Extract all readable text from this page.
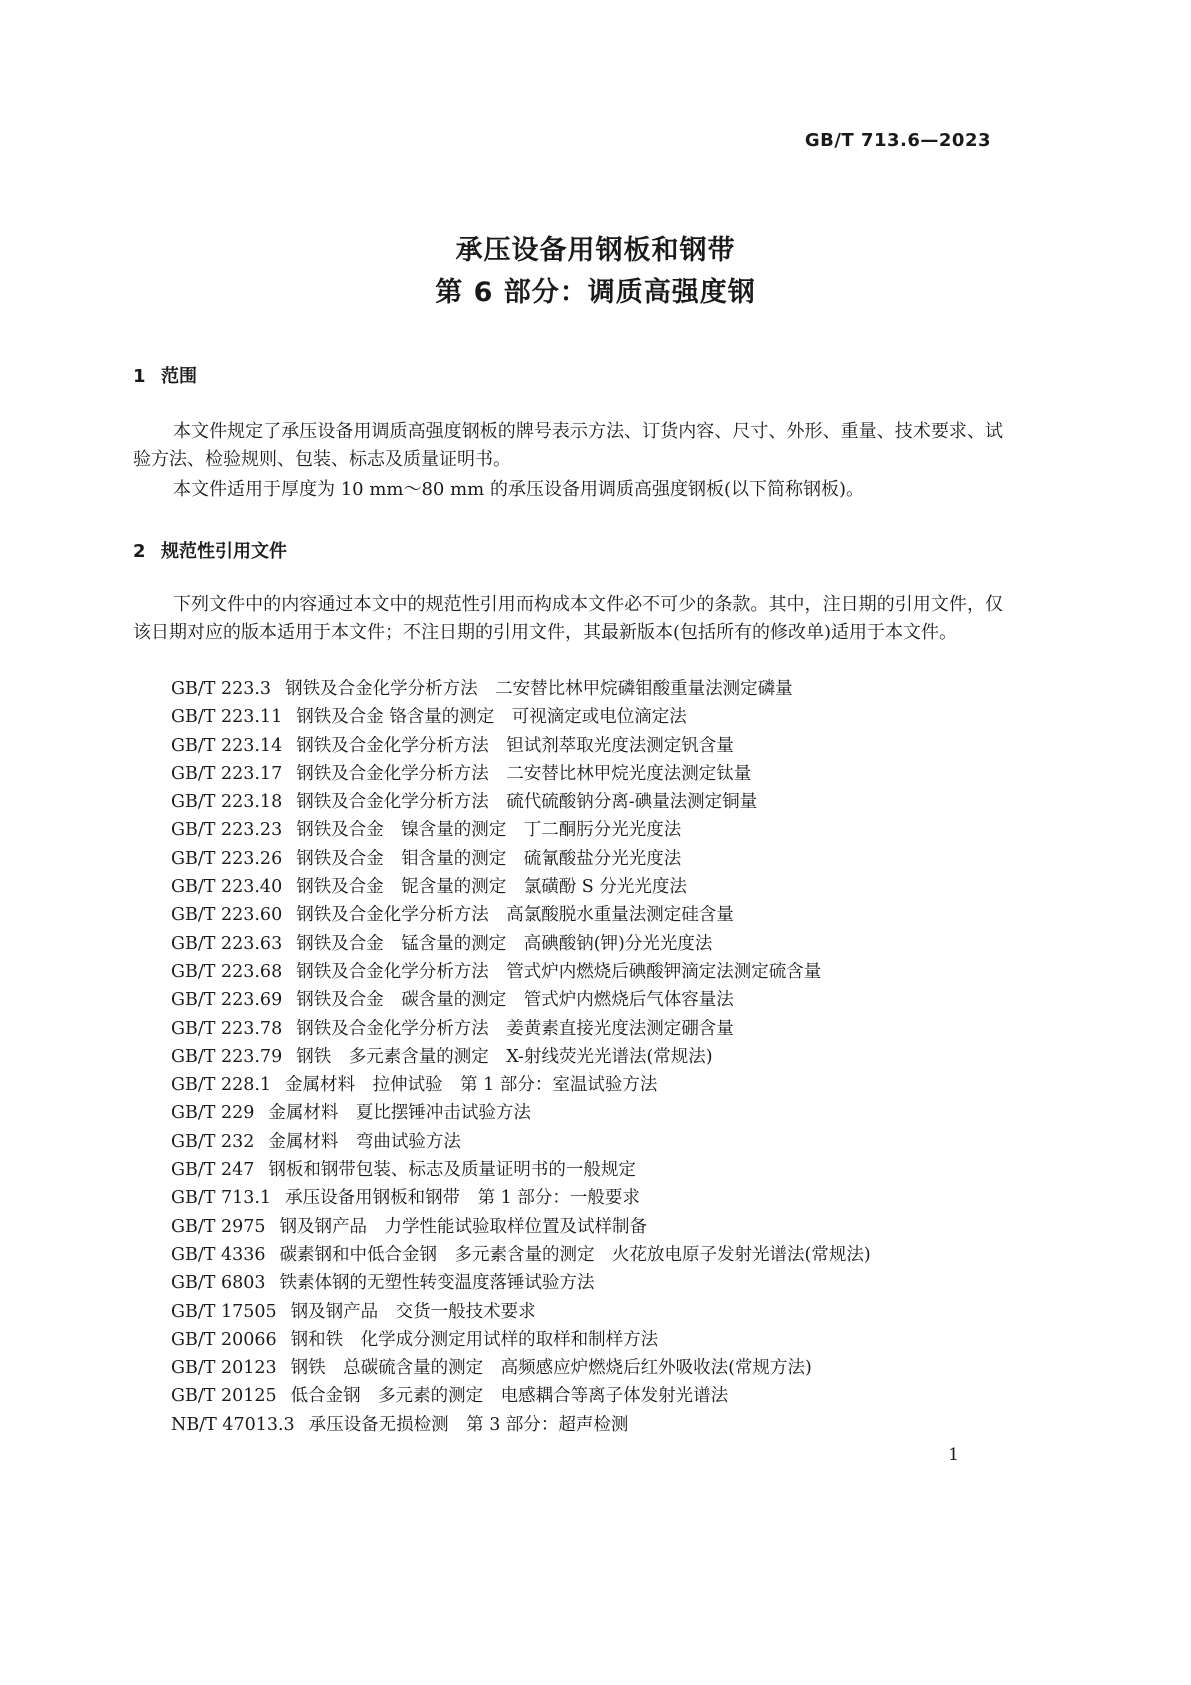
GB/T 713.6—2023
承压设备用钢板和钢带
第 6 部分：调质高强度钢
1 范围
本文件规定了承压设备用调质高强度钢板的牌号表示方法、订货内容、尺寸、外形、重量、技术要求、试验方法、检验规则、包装、标志及质量证明书。
本文件适用于厚度为 10 mm～80 mm 的承压设备用调质高强度钢板(以下简称钢板)。
2 规范性引用文件
下列文件中的内容通过本文中的规范性引用而构成本文件必不可少的条款。其中，注日期的引用文件，仅该日期对应的版本适用于本文件；不注日期的引用文件，其最新版本(包括所有的修改单)适用于本文件。
GB/T 223.3 钢铁及合金化学分析方法　二安替比林甲烷磷钼酸重量法测定磷量
GB/T 223.11 钢铁及合金 铬含量的测定　可视滴定或电位滴定法
GB/T 223.14 钢铁及合金化学分析方法　钽试剂萃取光度法测定钒含量
GB/T 223.17 钢铁及合金化学分析方法　二安替比林甲烷光度法测定钛量
GB/T 223.18 钢铁及合金化学分析方法　硫代硫酸钠分离-碘量法测定铜量
GB/T 223.23 钢铁及合金　镍含量的测定　丁二酮肟分光光度法
GB/T 223.26 钢铁及合金　钼含量的测定　硫氰酸盐分光光度法
GB/T 223.40 钢铁及合金　铌含量的测定　氯磺酚 S 分光光度法
GB/T 223.60 钢铁及合金化学分析方法　高氯酸脱水重量法测定硅含量
GB/T 223.63 钢铁及合金　锰含量的测定　高碘酸钠(钾)分光光度法
GB/T 223.68 钢铁及合金化学分析方法　管式炉内燃烧后碘酸钾滴定法测定硫含量
GB/T 223.69 钢铁及合金　碳含量的测定　管式炉内燃烧后气体容量法
GB/T 223.78 钢铁及合金化学分析方法　姜黄素直接光度法测定硼含量
GB/T 223.79 钢铁　多元素含量的测定　X-射线荧光光谱法(常规法)
GB/T 228.1 金属材料　拉伸试验　第 1 部分：室温试验方法
GB/T 229 金属材料　夏比摆锤冲击试验方法
GB/T 232 金属材料　弯曲试验方法
GB/T 247 钢板和钢带包装、标志及质量证明书的一般规定
GB/T 713.1 承压设备用钢板和钢带　第 1 部分：一般要求
GB/T 2975 钢及钢产品　力学性能试验取样位置及试样制备
GB/T 4336 碳素钢和中低合金钢　多元素含量的测定　火花放电原子发射光谱法(常规法)
GB/T 6803 铁素体钢的无塑性转变温度落锤试验方法
GB/T 17505 钢及钢产品　交货一般技术要求
GB/T 20066 钢和铁　化学成分测定用试样的取样和制样方法
GB/T 20123 钢铁　总碳硫含量的测定　高频感应炉燃烧后红外吸收法(常规方法)
GB/T 20125 低合金钢　多元素的测定　电感耦合等离子体发射光谱法
NB/T 47013.3 承压设备无损检测　第 3 部分：超声检测
1
